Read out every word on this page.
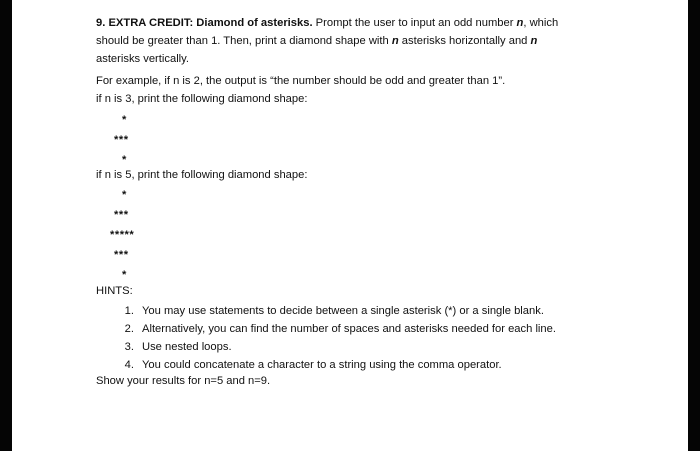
9. EXTRA CREDIT: Diamond of asterisks. Prompt the user to input an odd number n, which
should be greater than 1. Then, print a diamond shape with n asterisks horizontally and n
asterisks vertically.
For example, if n is 2, the output is “the number should be odd and greater than 1”.
if n is 3, print the following diamond shape:
*
***
*
if n is 5, print the following diamond shape:
*
***
*****
***
*
HINTS:
1. You may use statements to decide between a single asterisk (*) or a single blank.
2. Alternatively, you can find the number of spaces and asterisks needed for each line.
3. Use nested loops.
4. You could concatenate a character to a string using the comma operator.
Show your results for n=5 and n=9.
